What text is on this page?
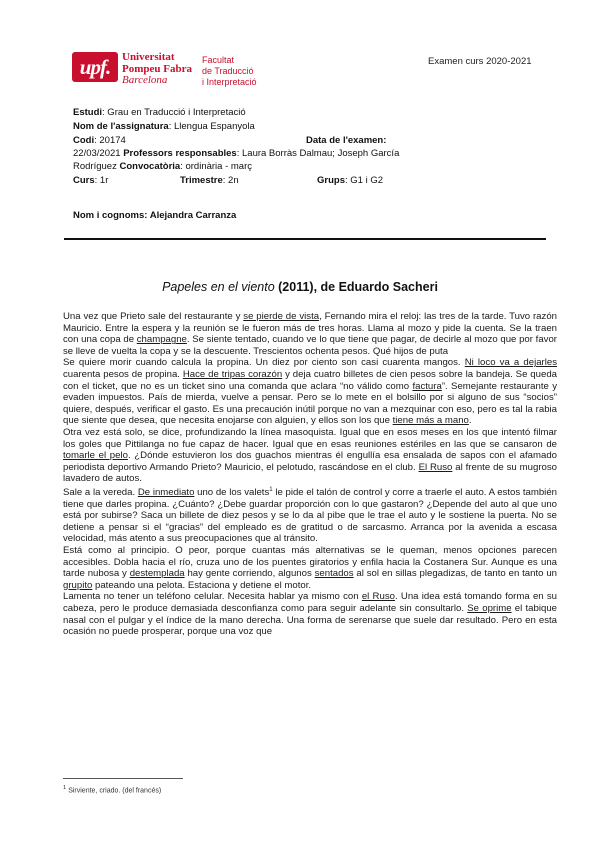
upf.	Universitat
Pompeu Fabra
Barcelona
Facultat
de Traducció
i Interpretació
Examen curs 2020-2021
Estudi: Grau en Traducció i Interpretació
Nom de l'assignatura: Llengua Espanyola
Codi: 20174	Data de l'examen:
22/03/2021 Professors responsables: Laura Borràs Dalmau; Joseph García
Rodríguez Convocatòria: ordinària - març
Curs: 1r	Trimestre: 2n	Grups: G1 i G2
Nom i cognoms: Alejandra Carranza
Papeles en el viento (2011), de Eduardo Sacheri

Una vez que Prieto sale del restaurante y se pierde de vista, Fernando mira el reloj: las tres de la tarde. Tuvo razón Mauricio. Entre la espera y la reunión se le fueron más de tres horas. Llama al mozo y pide la cuenta. Se la traen con una copa de champagne. Se siente tentado, cuando ve lo que tiene que pagar, de decirle al mozo que por favor se lleve de vuelta la copa y se la descuente. Trescientos ochenta pesos. Qué hijos de puta

Se quiere morir cuando calcula la propina. Un diez por ciento son casi cuarenta mangos. Ni loco va a dejarles cuarenta pesos de propina. Hace de tripas corazón y deja cuatro billetes de cien pesos sobre la bandeja. Se queda con el ticket, que no es un ticket sino una comanda que aclara “no válido como factura”. Semejante restaurante y evaden impuestos. País de mierda, vuelve a pensar. Pero se lo mete en el bolsillo por si alguno de sus “socios” quiere, después, verificar el gasto. Es una precaución inútil porque no van a mezquinar con eso, pero es tal la rabia que siente que desea, que necesita enojarse con alguien, y ellos son los que tiene más a mano.

Otra vez está solo, se dice, profundizando la línea masoquista. Igual que en esos meses en los que intentó filmar los goles que Pittilanga no fue capaz de hacer. Igual que en esas reuniones estériles en las que se cansaron de tomarle el pelo. ¿Dónde estuvieron los dos guachos mientras él engullía esa ensalada de sapos con el afamado periodista deportivo Armando Prieto? Mauricio, el pelotudo, rascándose en el club. El Ruso al frente de su mugroso lavadero de autos.

Sale a la vereda. De inmediato uno de los valets$^1$ le pide el talón de control y corre a traerle el auto. A estos también tiene que darles propina. ¿Cuánto? ¿Debe guardar proporción con lo que gastaron? ¿Depende del auto al que uno está por subirse? Saca un billete de diez pesos y se lo da al pibe que le trae el auto y le sostiene la puerta. No se detiene a pensar si el “gracias” del empleado es de gratitud o de sarcasmo. Arranca por la avenida a escasa velocidad, más atento a sus preocupaciones que al tránsito.

Está como al principio. O peor, porque cuantas más alternativas se le queman, menos opciones parecen accesibles. Dobla hacia el río, cruza uno de los puentes giratorios y enfila hacia la Costanera Sur. Aunque es una tarde nubosa y destemplada hay gente corriendo, algunos sentados al sol en sillas plegadizas, de tanto en tanto un grupito pateando una pelota. Estaciona y detiene el motor.

Lamenta no tener un teléfono celular. Necesita hablar ya mismo con el Ruso. Una idea está tomando forma en su cabeza, pero le produce demasiada desconfianza como para seguir adelante sin consultarlo. Se oprime el tabique nasal con el pulgar y el índice de la mano derecha. Una forma de serenarse que suele dar resultado. Pero en esta ocasión no puede prosperar, porque una voz que

$^1$ Sirviente, criado. (del francés)
